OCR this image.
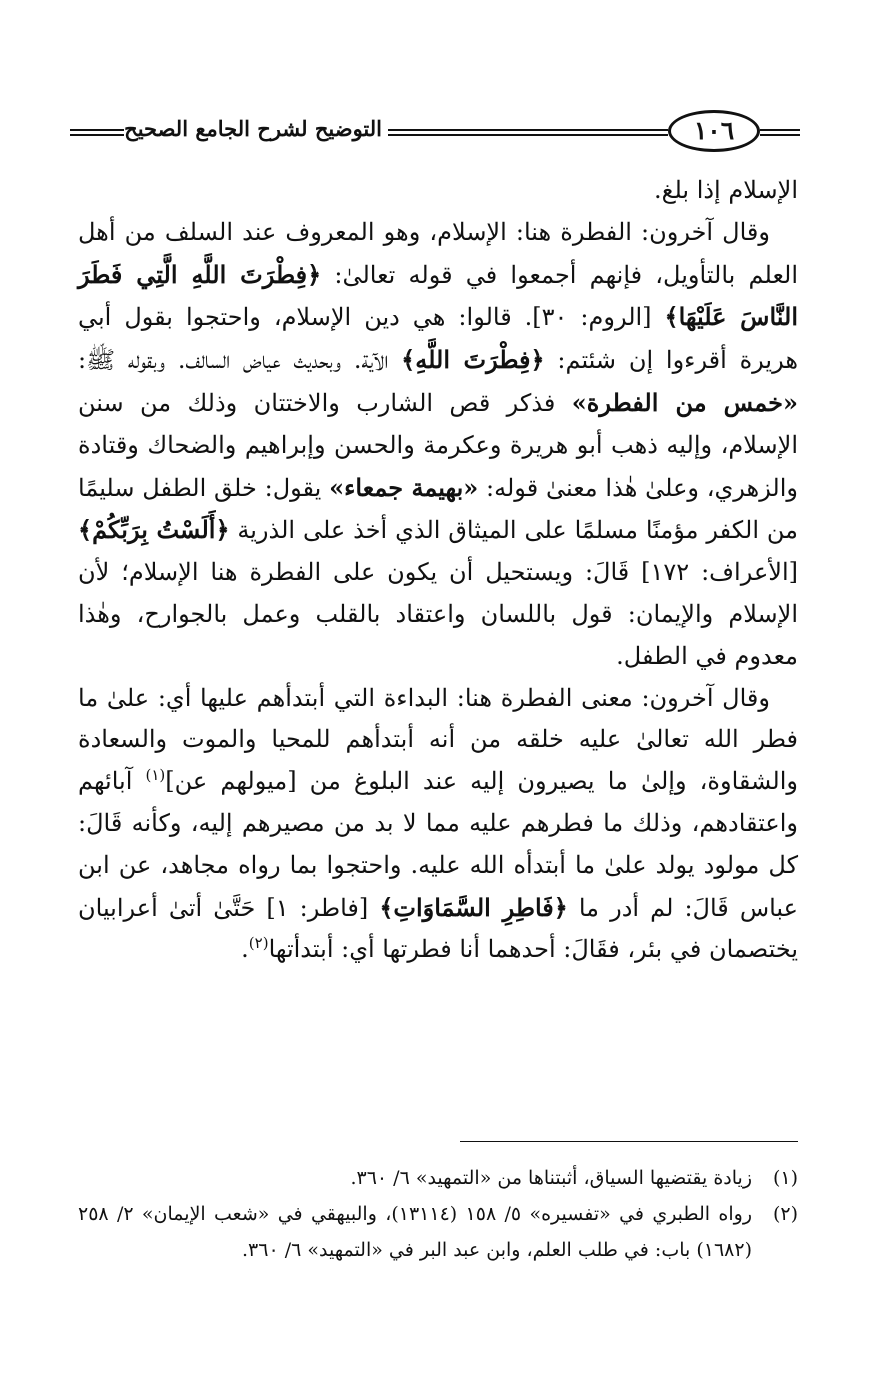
التوضيح لشرح الجامع الصحيح	١٠٦

الإسلام إذا بلغ.

وقال آخرون: الفطرة هنا: الإسلام، وهو المعروف عند السلف من أهل العلم بالتأويل، فإنهم أجمعوا في قوله تعالىٰ: ﴿فِطْرَتَ اللَّهِ الَّتِي فَطَرَ النَّاسَ عَلَيْهَا﴾ [الروم: ٣٠]. قالوا: هي دين الإسلام، واحتجوا بقول أبي هريرة أقرءوا إن شئتم: ﴿فِطْرَتَ اللَّهِ﴾ الآية. وبحديث عياض السالف. وبقوله ﷺ: «خمس من الفطرة» فذكر قص الشارب والاختتان وذلك من سنن الإسلام، وإليه ذهب أبو هريرة وعكرمة والحسن وإبراهيم والضحاك وقتادة والزهري، وعلىٰ هٰذا معنىٰ قوله: «بهيمة جمعاء» يقول: خلق الطفل سليمًا من الكفر مؤمنًا مسلمًا على الميثاق الذي أخذ على الذرية ﴿أَلَسْتُ بِرَبِّكُمْ﴾ [الأعراف: ١٧٢] قَالَ: ويستحيل أن يكون على الفطرة هنا الإسلام؛ لأن الإسلام والإيمان: قول باللسان واعتقاد بالقلب وعمل بالجوارح، وهٰذا معدوم في الطفل.

وقال آخرون: معنى الفطرة هنا: البداءة التي أبتدأهم عليها أي: علىٰ ما فطر الله تعالىٰ عليه خلقه من أنه أبتدأهم للمحيا والموت والسعادة والشقاوة، وإلىٰ ما يصيرون إليه عند البلوغ من [ميولهم عن]$^{(١)}$ آبائهم واعتقادهم، وذلك ما فطرهم عليه مما لا بد من مصيرهم إليه، وكأنه قَالَ: كل مولود يولد علىٰ ما أبتدأه الله عليه. واحتجوا بما رواه مجاهد، عن ابن عباس قَالَ: لم أدر ما ﴿فَاطِرِ السَّمَاوَاتِ﴾ [فاطر: ١] حَتَّىٰ أتىٰ أعرابيان يختصمان في بئر، فقَالَ: أحدهما أنا فطرتها أي: أبتدأتها$^{(٢)}$.

(١)
زيادة يقتضيها السياق، أثبتناها من «التمهيد» ٦/ ٣٦٠.
(٢)
رواه الطبري في «تفسيره» ٥/ ١٥٨ (١٣١١٤)، والبيهقي في «شعب الإيمان» ٢/ ٢٥٨ (١٦٨٢) باب: في طلب العلم، وابن عبد البر في «التمهيد» ٦/ ٣٦٠.
